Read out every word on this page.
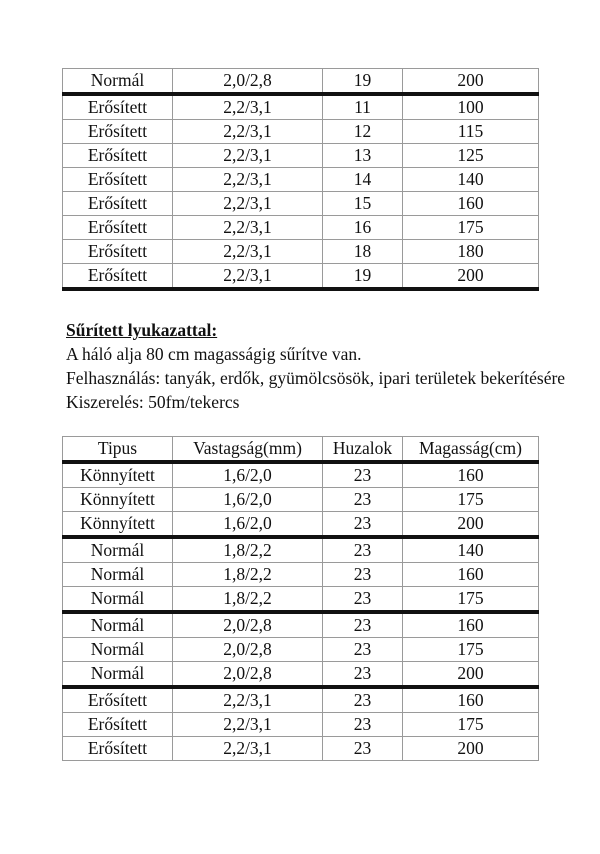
Normál	2,0/2,8	19	200
Erősített	2,2/3,1	11	100
Erősített	2,2/3,1	12	115
Erősített	2,2/3,1	13	125
Erősített	2,2/3,1	14	140
Erősített	2,2/3,1	15	160
Erősített	2,2/3,1	16	175
Erősített	2,2/3,1	18	180
Erősített	2,2/3,1	19	200

Sűrített lyukazattal:

A háló alja 80 cm magasságig sűrítve van.

Felhasználás: tanyák, erdők, gyümölcsösök, ipari területek bekerítésére

Kiszerelés: 50fm/tekercs

Tipus	Vastagság(mm)	Huzalok	Magasság(cm)
Könnyített	1,6/2,0	23	160
Könnyített	1,6/2,0	23	175
Könnyített	1,6/2,0	23	200
Normál	1,8/2,2	23	140
Normál	1,8/2,2	23	160
Normál	1,8/2,2	23	175
Normál	2,0/2,8	23	160
Normál	2,0/2,8	23	175
Normál	2,0/2,8	23	200
Erősített	2,2/3,1	23	160
Erősített	2,2/3,1	23	175
Erősített	2,2/3,1	23	200
